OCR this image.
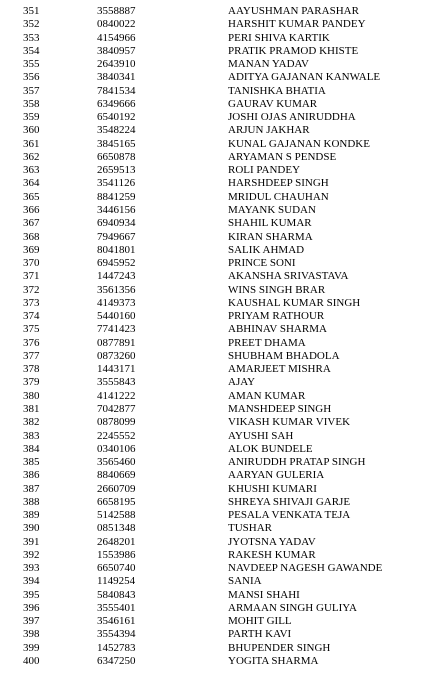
351	3558887	AAYUSHMAN PARASHAR
352	0840022	HARSHIT KUMAR PANDEY
353	4154966	PERI SHIVA KARTIK
354	3840957	PRATIK PRAMOD KHISTE
355	2643910	MANAN YADAV
356	3840341	ADITYA GAJANAN KANWALE
357	7841534	TANISHKA BHATIA
358	6349666	GAURAV KUMAR
359	6540192	JOSHI OJAS ANIRUDDHA
360	3548224	ARJUN JAKHAR
361	3845165	KUNAL GAJANAN KONDKE
362	6650878	ARYAMAN S PENDSE
363	2659513	ROLI PANDEY
364	3541126	HARSHDEEP SINGH
365	8841259	MRIDUL CHAUHAN
366	3446156	MAYANK SUDAN
367	6940934	SHAHIL KUMAR
368	7949667	KIRAN SHARMA
369	8041801	SALIK AHMAD
370	6945952	PRINCE SONI
371	1447243	AKANSHA SRIVASTAVA
372	3561356	WINS SINGH BRAR
373	4149373	KAUSHAL KUMAR SINGH
374	5440160	PRIYAM RATHOUR
375	7741423	ABHINAV SHARMA
376	0877891	PREET DHAMA
377	0873260	SHUBHAM BHADOLA
378	1443171	AMARJEET MISHRA
379	3555843	AJAY
380	4141222	AMAN KUMAR
381	7042877	MANSHDEEP SINGH
382	0878099	VIKASH KUMAR VIVEK
383	2245552	AYUSHI SAH
384	0340106	ALOK BUNDELE
385	3565460	ANIRUDDH PRATAP SINGH
386	8840669	AARYAN GULERIA
387	2660709	KHUSHI KUMARI
388	6658195	SHREYA SHIVAJI GARJE
389	5142588	PESALA VENKATA TEJA
390	0851348	TUSHAR
391	2648201	JYOTSNA YADAV
392	1553986	RAKESH KUMAR
393	6650740	NAVDEEP NAGESH GAWANDE
394	1149254	SANIA
395	5840843	MANSI SHAHI
396	3555401	ARMAAN SINGH GULIYA
397	3546161	MOHIT GILL
398	3554394	PARTH KAVI
399	1452783	BHUPENDER SINGH
400	6347250	YOGITA SHARMA
